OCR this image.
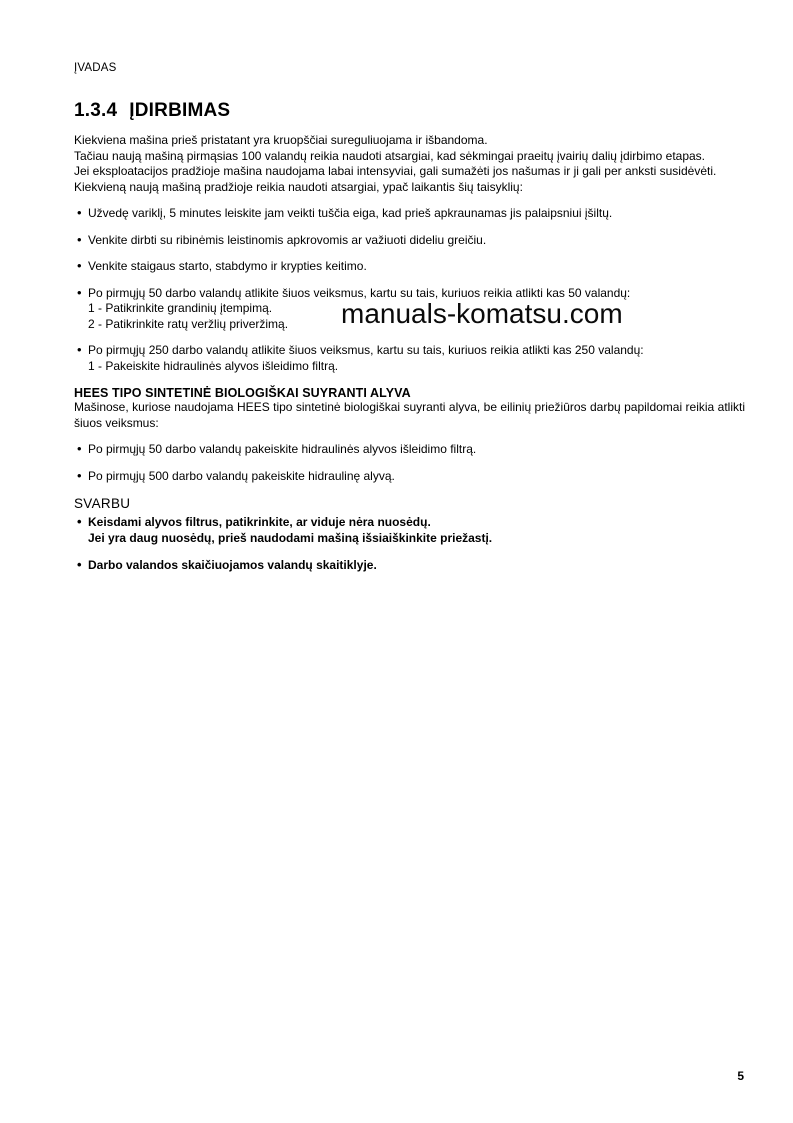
ĮVADAS
1.3.4 ĮDIRBIMAS

Kiekviena mašina prieš pristatant yra kruopščiai sureguliuojama ir išbandoma.

Tačiau naują mašiną pirmąsias 100 valandų reikia naudoti atsargiai, kad sėkmingai praeitų įvairių dalių įdirbimo etapas.

Jei eksploatacijos pradžioje mašina naudojama labai intensyviai, gali sumažėti jos našumas ir ji gali per anksti susidėvėti.

Kiekvieną naują mašiną pradžioje reikia naudoti atsargiai, ypač laikantis šių taisyklių:

• Užvedę variklį, 5 minutes leiskite jam veikti tuščia eiga, kad prieš apkraunamas jis palaipsniui įšiltų.
• Venkite dirbti su ribinėmis leistinomis apkrovomis ar važiuoti dideliu greičiu.
• Venkite staigaus starto, stabdymo ir krypties keitimo.
• Po pirmųjų 50 darbo valandų atlikite šiuos veiksmus, kartu su tais, kuriuos reikia atlikti kas 50 valandų:
1 - Patikrinkite grandinių įtempimą.
2 - Patikrinkite ratų veržlių priveržimą.
• Po pirmųjų 250 darbo valandų atlikite šiuos veiksmus, kartu su tais, kuriuos reikia atlikti kas 250 valandų:
1 - Pakeiskite hidraulinės alyvos išleidimo filtrą.
HEES TIPO SINTETINĖ BIOLOGIŠKAI SUYRANTI ALYVA

Mašinose, kuriose naudojama HEES tipo sintetinė biologiškai suyranti alyva, be eilinių priežiūros darbų papildomai reikia atlikti šiuos veiksmus:

• Po pirmųjų 50 darbo valandų pakeiskite hidraulinės alyvos išleidimo filtrą.
• Po pirmųjų 500 darbo valandų pakeiskite hidraulinę alyvą.
SVARBU
• Keisdami alyvos filtrus, patikrinkite, ar viduje nėra nuosėdų.
Jei yra daug nuosėdų, prieš naudodami mašiną išsiaiškinkite priežastį.
• Darbo valandos skaičiuojamos valandų skaitiklyje.
manuals-komatsu.com
5
